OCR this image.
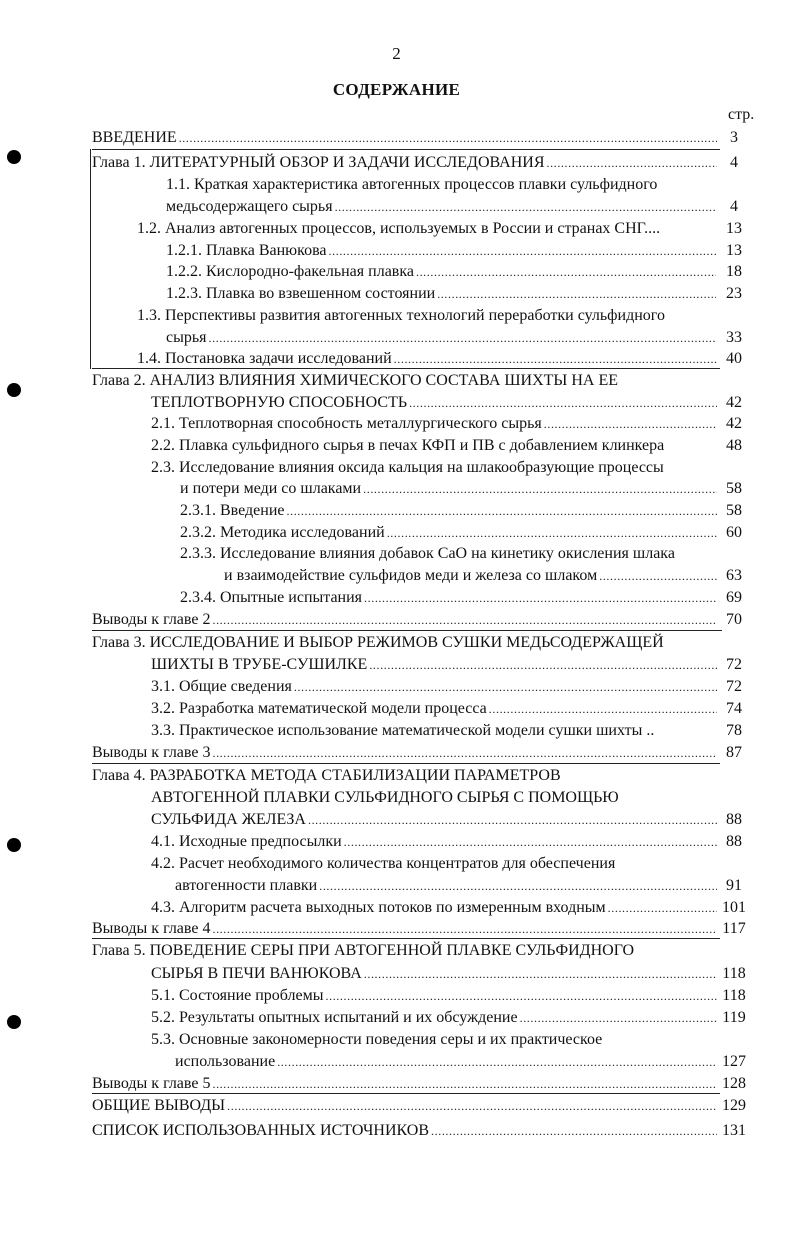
2
СОДЕРЖАНИЕ
стр.
ВВЕДЕНИЕ . . .	3
Глава 1. ЛИТЕРАТУРНЫЙ ОБЗОР И ЗАДАЧИ ИССЛЕДОВАНИЯ . . .	4
1.1. Краткая характеристика автогенных процессов плавки сульфидного
медьсодержащего сырья . . .	4
1.2. Анализ автогенных процессов, используемых в России и странах СНГ....	13
1.2.1. Плавка Ванюкова . . .	13
1.2.2. Кислородно-факельная плавка . . .	18
1.2.3. Плавка во взвешенном состоянии . . .	23
1.3. Перспективы развития автогенных технологий переработки сульфидного
сырья . . .	33
1.4. Постановка задачи исследований . . .	40
Глава 2. АНАЛИЗ ВЛИЯНИЯ ХИМИЧЕСКОГО СОСТАВА ШИХТЫ НА ЕЕ
ТЕПЛОТВОРНУЮ СПОСОБНОСТЬ . . .	42
2.1. Теплотворная способность металлургического сырья . . .	42
2.2. Плавка сульфидного сырья в печах КФП и ПВ с добавлением клинкера	48
2.3. Исследование влияния оксида кальция на шлакообразующие процессы
и потери меди со шлаками . . .	58
2.3.1. Введение . . .	58
2.3.2. Методика исследований . . .	60
2.3.3. Исследование влияния добавок CaO на кинетику окисления шлака
и взаимодействие сульфидов меди и железа со шлаком . . .	63
2.3.4. Опытные испытания . . .	69
Выводы к главе 2 . . .	70
Глава 3. ИССЛЕДОВАНИЕ И ВЫБОР РЕЖИМОВ СУШКИ МЕДЬСОДЕРЖАЩЕЙ
ШИХТЫ В ТРУБЕ-СУШИЛКЕ . . .	72
3.1. Общие сведения . . .	72
3.2. Разработка математической модели процесса . . .	74
3.3. Практическое использование математической модели сушки шихты ..	78
Выводы к главе 3 . . .	87
Глава 4. РАЗРАБОТКА МЕТОДА СТАБИЛИЗАЦИИ ПАРАМЕТРОВ
АВТОГЕННОЙ ПЛАВКИ СУЛЬФИДНОГО СЫРЬЯ С ПОМОЩЬЮ
СУЛЬФИДА ЖЕЛЕЗА . . .	88
4.1. Исходные предпосылки . . .	88
4.2. Расчет необходимого количества концентратов для обеспечения
автогенности плавки . . .	91
4.3. Алгоритм расчета выходных потоков по измеренным входным . . .	101
Выводы к главе 4 . . .	117
Глава 5. ПОВЕДЕНИЕ СЕРЫ ПРИ АВТОГЕННОЙ ПЛАВКЕ СУЛЬФИДНОГО
СЫРЬЯ В ПЕЧИ ВАНЮКОВА . . .	118
5.1. Состояние проблемы . . .	118
5.2. Результаты опытных испытаний и их обсуждение . . .	119
5.3. Основные закономерности поведения серы и их практическое
использование . . .	127
Выводы к главе 5 . . .	128
ОБЩИЕ ВЫВОДЫ . . .	129
СПИСОК ИСПОЛЬЗОВАННЫХ ИСТОЧНИКОВ . . .	131
